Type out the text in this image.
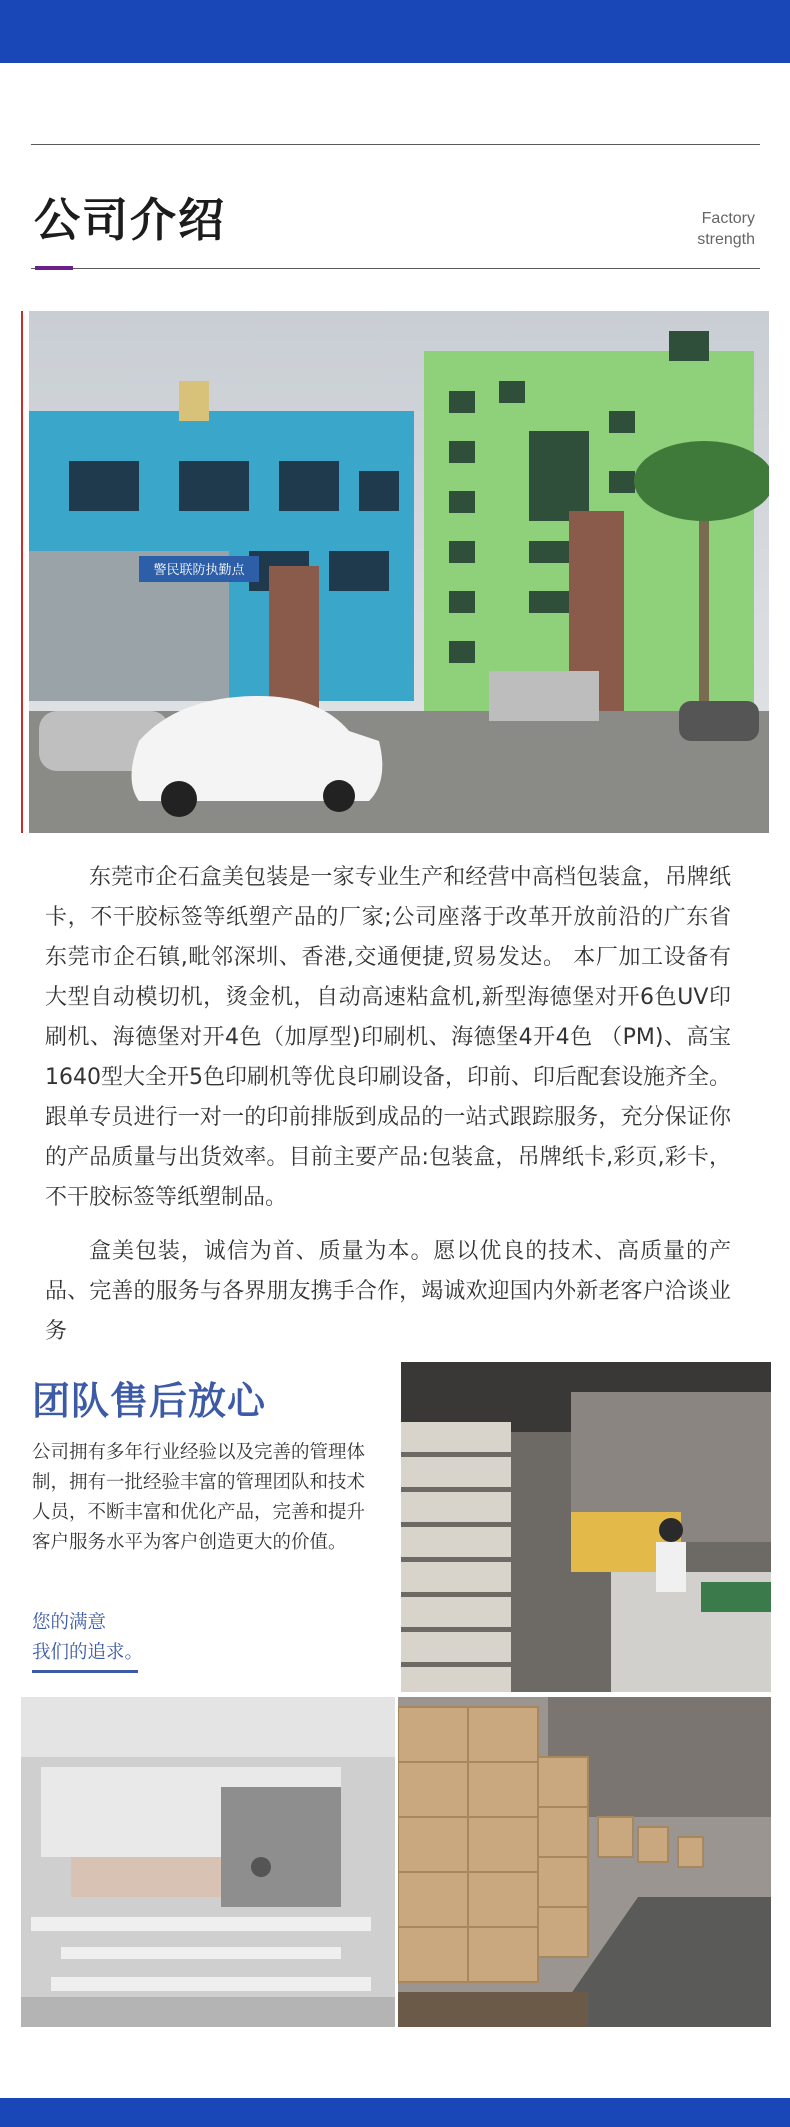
公司介绍	Factory
strength
警民联防执勤点

东莞市企石盒美包装是一家专业生产和经营中高档包装盒，吊牌纸卡，不干胶标签等纸塑产品的厂家;公司座落于改革开放前沿的广东省东莞市企石镇,毗邻深圳、香港,交通便捷,贸易发达。 本厂加工设备有大型自动模切机，烫金机，自动高速粘盒机,新型海德堡对开6色UV印刷机、海德堡对开4色（加厚型)印刷机、海德堡4开4色 （PM)、高宝1640型大全开5色印刷机等优良印刷设备，印前、印后配套设施齐全。跟单专员进行一对一的印前排版到成品的一站式跟踪服务，充分保证你的产品质量与出货效率。目前主要产品:包装盒，吊牌纸卡,彩页,彩卡，不干胶标签等纸塑制品。

盒美包装，诚信为首、质量为本。愿以优良的技术、高质量的产品、完善的服务与各界朋友携手合作，竭诚欢迎国内外新老客户洽谈业务

团队售后放心

公司拥有多年行业经验以及完善的管理体制，拥有一批经验丰富的管理团队和技术人员，不断丰富和优化产品，完善和提升客户服务水平为客户创造更大的价值。

您的满意
我们的追求。
